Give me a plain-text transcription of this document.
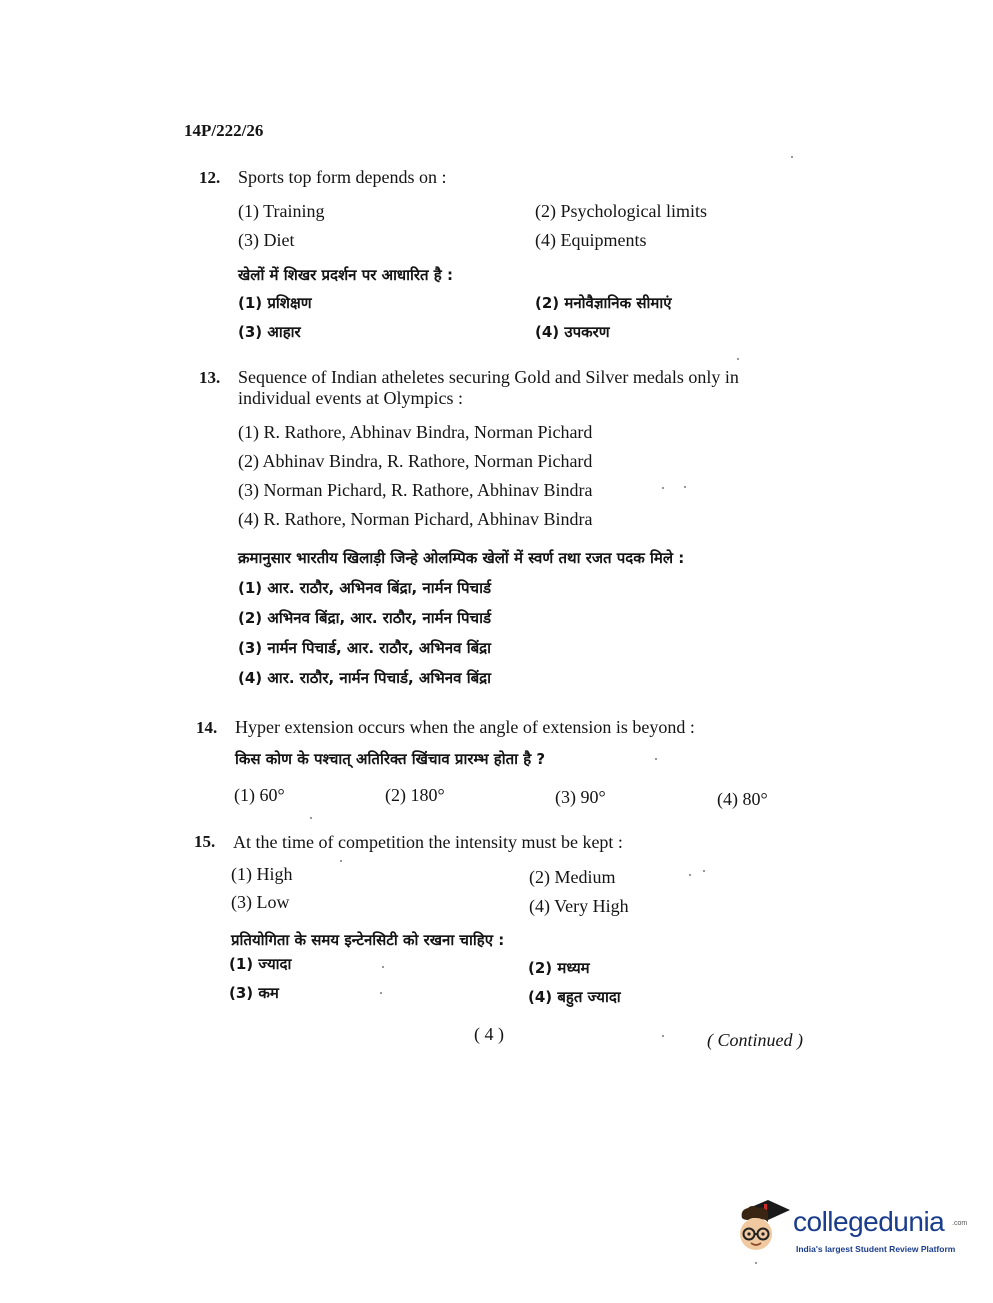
14P/222/26
12. Sports top form depends on :
(1) Training	(2) Psychological limits
(3) Diet	(4) Equipments
खेलों में शिखर प्रदर्शन पर आधारित है :
(1) प्रशिक्षण	(2) मनोवैज्ञानिक सीमाएं
(3) आहार	(4) उपकरण
13. Sequence of Indian atheletes securing Gold and Silver medals only in
individual events at Olympics :
(1) R. Rathore, Abhinav Bindra, Norman Pichard
(2) Abhinav Bindra, R. Rathore, Norman Pichard
(3) Norman Pichard, R. Rathore, Abhinav Bindra
(4) R. Rathore, Norman Pichard, Abhinav Bindra
क्रमानुसार भारतीय खिलाड़ी जिन्हे ओलम्पिक खेलों में स्वर्ण तथा रजत पदक मिले :
(1) आर. राठौर, अभिनव बिंद्रा, नार्मन पिचार्ड
(2) अभिनव बिंद्रा, आर. राठौर, नार्मन पिचार्ड
(3) नार्मन पिचार्ड, आर. राठौर, अभिनव बिंद्रा
(4) आर. राठौर, नार्मन पिचार्ड, अभिनव बिंद्रा
14. Hyper extension occurs when the angle of extension is beyond :
किस कोण के पश्चात् अतिरिक्त खिंचाव प्रारम्भ होता है ?
(1) 60°	(2) 180°	(3) 90°	(4) 80°
15. At the time of competition the intensity must be kept :
(1) High	(2) Medium
(3) Low	(4) Very High
प्रतियोगिता के समय इन्टेनसिटी को रखना चाहिए :
(1) ज्यादा	(2) मध्यम
(3) कम	(4) बहुत ज्यादा
( 4 )	( Continued )
collegedunia .com
India's largest Student Review Platform
